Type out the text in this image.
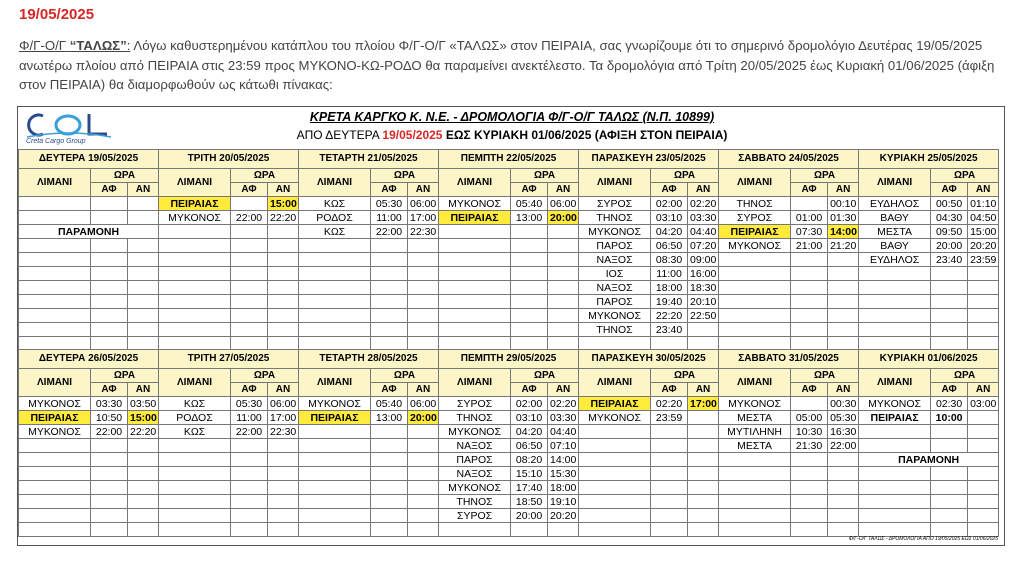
19/05/2025
Φ/Γ-Ο/Γ “ΤΑΛΩΣ”: Λόγω καθυστερημένου κατάπλου του πλοίου Φ/Γ-Ο/Γ «ΤΑΛΩΣ» στον ΠΕΙΡΑΙΑ, σας γνωρίζουμε ότι το σημερινό δρομολόγιο Δευτέρας 19/05/2025 ανωτέρω πλοίου από ΠΕΙΡΑΙΑ στις 23:59 προς ΜΥΚΟΝΟ-ΚΩ-ΡΟΔΟ θα παραμείνει ανεκτέλεστο. Τα δρομολόγια από Τρίτη 20/05/2025 έως Κυριακή 01/06/2025 (άφιξη στον ΠΕΙΡΑΙΑ) θα διαμορφωθούν ως κάτωθι πίνακας:
CCL
Creta Cargo Group
ΚΡΕΤΑ ΚΑΡΓΚΟ Κ. Ν.Ε. - ΔΡΟΜΟΛΟΓΙΑ Φ/Γ-Ο/Γ ΤΑΛΩΣ (Ν.Π. 10899)
ΑΠΟ ΔΕΥΤΕΡΑ 19/05/2025 ΕΩΣ ΚΥΡΙΑΚΗ 01/06/2025 (ΑΦΙΞΗ ΣΤΟΝ ΠΕΙΡΑΙΑ)
ΔΕΥΤΕΡΑ 19/05/2025			ΤΡΙΤΗ 20/05/2025			ΤΕΤΑΡΤΗ 21/05/2025			ΠΕΜΠΤΗ 22/05/2025			ΠΑΡΑΣΚΕΥΗ 23/05/2025			ΣΑΒΒΑΤΟ 24/05/2025			ΚΥΡΙΑΚΗ 25/05/2025		
ΛΙΜΑΝΙ	ΩΡΑ		ΛΙΜΑΝΙ	ΩΡΑ		ΛΙΜΑΝΙ	ΩΡΑ		ΛΙΜΑΝΙ	ΩΡΑ		ΛΙΜΑΝΙ	ΩΡΑ		ΛΙΜΑΝΙ	ΩΡΑ		ΛΙΜΑΝΙ	ΩΡΑ	
	ΑΦ	ΑΝ		ΑΦ	ΑΝ		ΑΦ	ΑΝ		ΑΦ	ΑΝ		ΑΦ	ΑΝ		ΑΦ	ΑΝ		ΑΦ	ΑΝ
			ΠΕΙΡΑΙΑΣ		15:00	ΚΩΣ	05:30	06:00	ΜΥΚΟΝΟΣ	05:40	06:00	ΣΥΡΟΣ	02:00	02:20	ΤΗΝΟΣ		00:10	ΕΥΔΗΛΟΣ	00:50	01:10
			ΜΥΚΟΝΟΣ	22:00	22:20	ΡΟΔΟΣ	11:00	17:00	ΠΕΙΡΑΙΑΣ	13:00	20:00	ΤΗΝΟΣ	03:10	03:30	ΣΥΡΟΣ	01:00	01:30	ΒΑΘΥ	04:30	04:50
ΠΑΡΑΜΟΝΗ						ΚΩΣ	22:00	22:30				ΜΥΚΟΝΟΣ	04:20	04:40	ΠΕΙΡΑΙΑΣ	07:30	14:00	ΜΕΣΤΑ	09:50	15:00
												ΠΑΡΟΣ	06:50	07:20	ΜΥΚΟΝΟΣ	21:00	21:20	ΒΑΘΥ	20:00	20:20
												ΝΑΞΟΣ	08:30	09:00				ΕΥΔΗΛΟΣ	23:40	23:59
												ΙΟΣ	11:00	16:00						
												ΝΑΞΟΣ	18:00	18:30						
												ΠΑΡΟΣ	19:40	20:10						
												ΜΥΚΟΝΟΣ	22:20	22:50						
												ΤΗΝΟΣ	23:40							

ΔΕΥΤΕΡΑ 26/05/2025			ΤΡΙΤΗ 27/05/2025			ΤΕΤΑΡΤΗ 28/05/2025			ΠΕΜΠΤΗ 29/05/2025			ΠΑΡΑΣΚΕΥΗ 30/05/2025			ΣΑΒΒΑΤΟ 31/05/2025			ΚΥΡΙΑΚΗ 01/06/2025		
ΛΙΜΑΝΙ	ΩΡΑ		ΛΙΜΑΝΙ	ΩΡΑ		ΛΙΜΑΝΙ	ΩΡΑ		ΛΙΜΑΝΙ	ΩΡΑ		ΛΙΜΑΝΙ	ΩΡΑ		ΛΙΜΑΝΙ	ΩΡΑ		ΛΙΜΑΝΙ	ΩΡΑ	
	ΑΦ	ΑΝ		ΑΦ	ΑΝ		ΑΦ	ΑΝ		ΑΦ	ΑΝ		ΑΦ	ΑΝ		ΑΦ	ΑΝ		ΑΦ	ΑΝ
ΜΥΚΟΝΟΣ	03:30	03:50	ΚΩΣ	05:30	06:00	ΜΥΚΟΝΟΣ	05:40	06:00	ΣΥΡΟΣ	02:00	02:20	ΠΕΙΡΑΙΑΣ	02:20	17:00	ΜΥΚΟΝΟΣ		00:30	ΜΥΚΟΝΟΣ	02:30	03:00
ΠΕΙΡΑΙΑΣ	10:50	15:00	ΡΟΔΟΣ	11:00	17:00	ΠΕΙΡΑΙΑΣ	13:00	20:00	ΤΗΝΟΣ	03:10	03:30	ΜΥΚΟΝΟΣ	23:59		ΜΕΣΤΑ	05:00	05:30	ΠΕΙΡΑΙΑΣ	10:00	
ΜΥΚΟΝΟΣ	22:00	22:20	ΚΩΣ	22:00	22:30				ΜΥΚΟΝΟΣ	04:20	04:40				ΜΥΤΙΛΗΝΗ	10:30	16:30			
									ΝΑΞΟΣ	06:50	07:10				ΜΕΣΤΑ	21:30	22:00			
									ΠΑΡΟΣ	08:20	14:00							ΠΑΡΑΜΟΝΗ		
									ΝΑΞΟΣ	15:10	15:30									
									ΜΥΚΟΝΟΣ	17:40	18:00									
									ΤΗΝΟΣ	18:50	19:10									
									ΣΥΡΟΣ	20:00	20:20									

Φ/Γ-Ο/Γ ΤΑΛΩΣ - ΔΡΟΜΟΛΟΓΙΑ ΑΠΟ 19/05/2025 ΕΩΣ 01/06/2025
